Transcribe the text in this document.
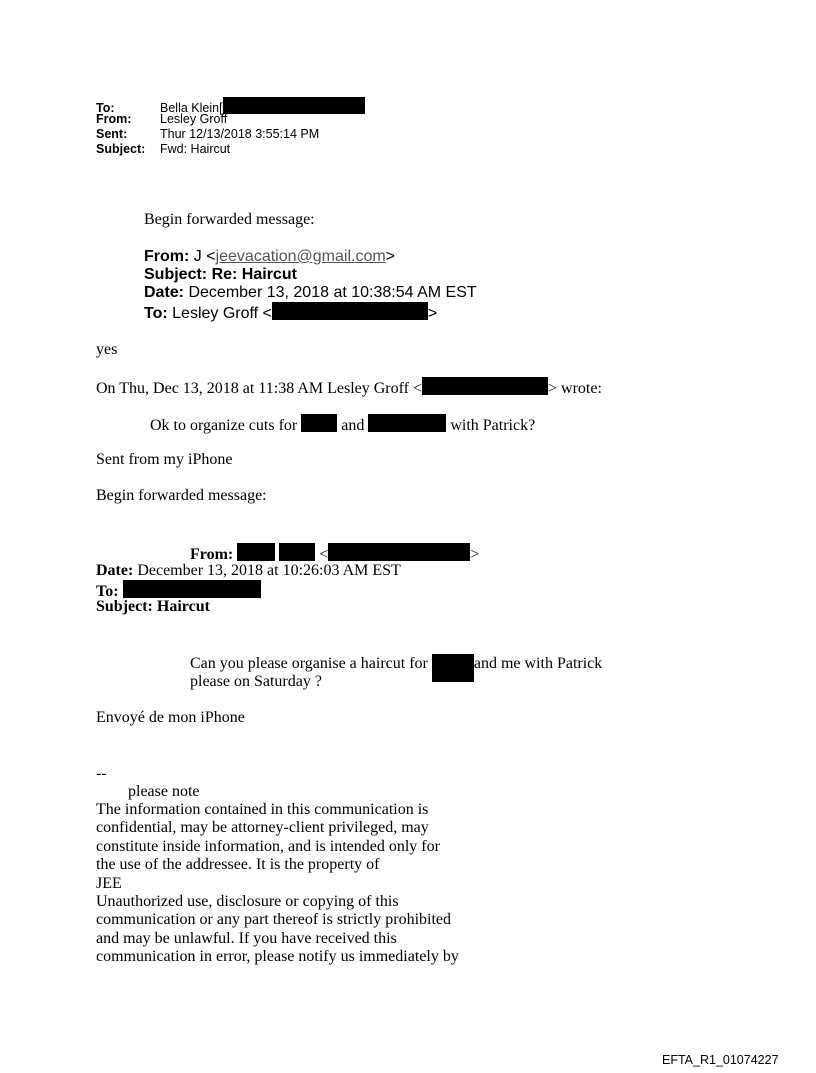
To:	Bella Klein[
From: Lesley Groff
Sent:	Thur 12/13/2018 3:55:14 PM
Subject: Fwd: Haircut
Begin forwarded message:
From: J <jeevacation@gmail.com>
Subject: Re: Haircut
Date: December 13, 2018 at 10:38:54 AM EST
To: Lesley Groff <	>
yes
On Thu, Dec 13, 2018 at 11:38 AM Lesley Groff <	> wrote:
Ok to organize cuts for	and	with Patrick?
Sent from my iPhone
Begin forwarded message:
From:	<	>
Date: December 13, 2018 at 10:26:03 AM EST
To:
Subject: Haircut
Can you please organise a haircut for	and me with Patrick
please on Saturday ?
Envoyé de mon iPhone
--
please note
The information contained in this communication is
confidential, may be attorney-client privileged, may
constitute inside information, and is intended only for
the use of the addressee. It is the property of
JEE
Unauthorized use, disclosure or copying of this
communication or any part thereof is strictly prohibited
and may be unlawful. If you have received this
communication in error, please notify us immediately by
EFTA_R1_01074227
